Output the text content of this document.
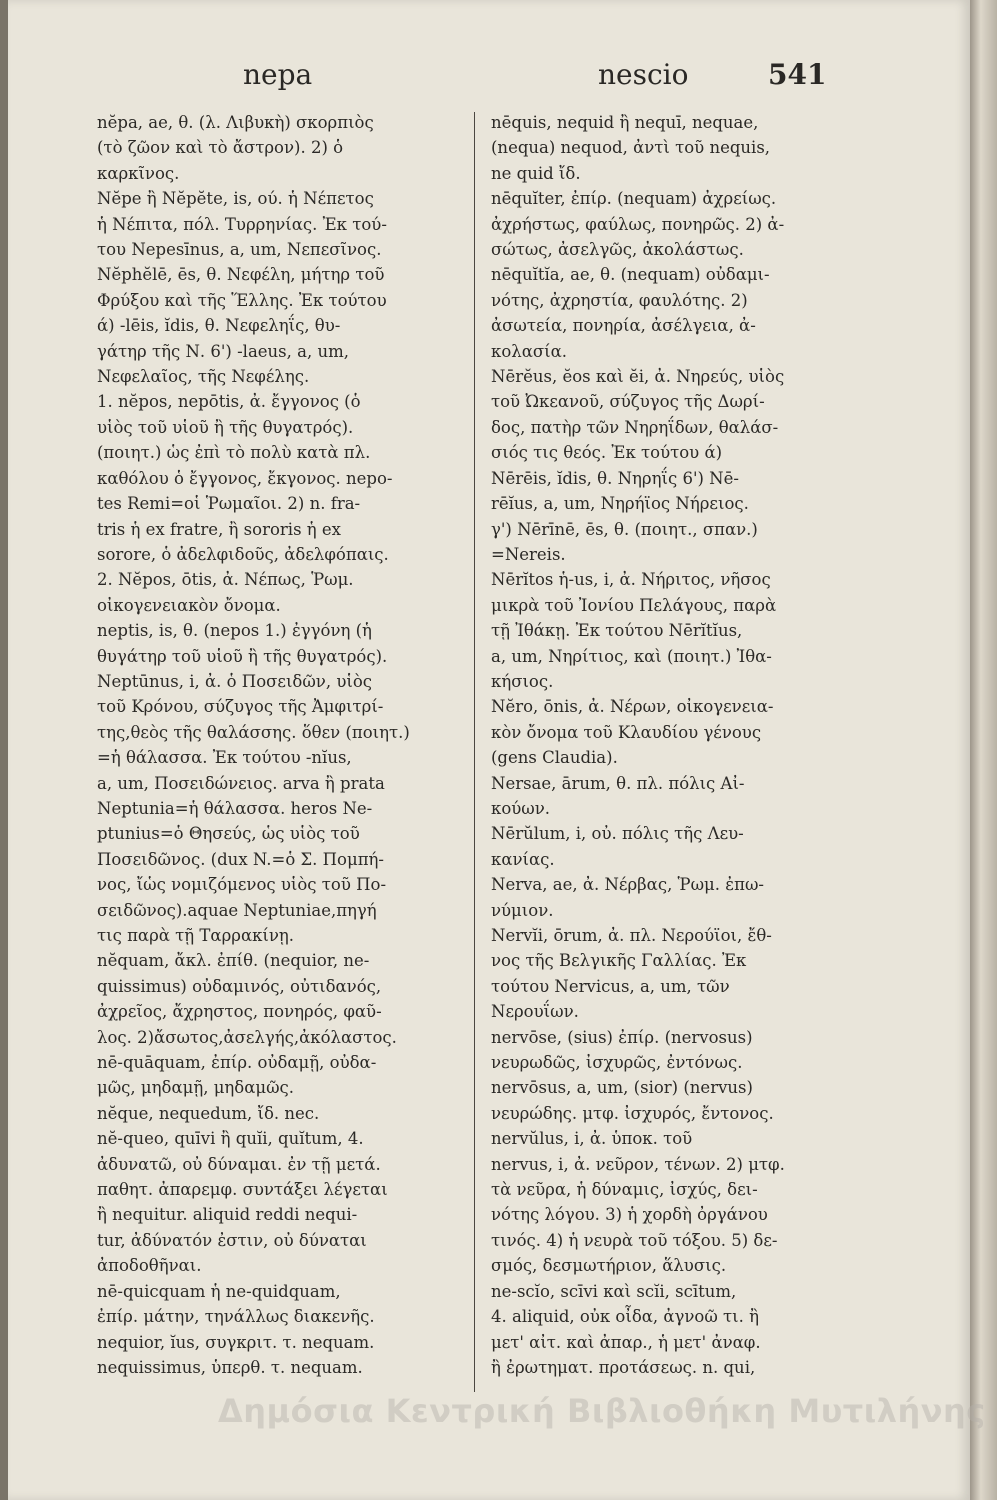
nepa	nescio	541
nĕpa, ae, θ. (λ. Λιβυκὴ) σκορπιὸς
(τὸ ζῶον καὶ τὸ ἄστρον). 2) ὁ
καρκῖνος.
Nĕpe ἢ Nĕpĕte, is, ού. ἡ Νέπετος
ἡ Νέπιτα, πόλ. Τυρρηνίας. Ἐκ τού-
του Nepesīnus, a, um, Νεπεσῖνος.
Nĕphĕlē, ēs, θ. Νεφέλη, μήτηρ τοῦ
Φρύξου καὶ τῆς Ἕλλης. Ἐκ τούτου
ά) -lēis, ĭdis, θ. Νεφεληΐς, θυ-
γάτηρ τῆς Ν. 6') -laeus, a, um,
Νεφελαῖος, τῆς Νεφέλης.
1. nĕpos, nepōtis, ἀ. ἔγγονος (ὁ
υἱὸς τοῦ υἱοῦ ἢ τῆς θυγατρός).
(ποιητ.) ὡς ἐπὶ τὸ πολὺ κατὰ πλ.
καθόλου ὁ ἔγγονος, ἔκγονος. nepo-
tes Remi=οἱ Ῥωμαῖοι. 2) n. fra-
tris ἡ ex fratre, ἢ sororis ἡ ex
sorore, ὁ ἀδελφιδοῦς, ἀδελφόπαις.
2. Nĕpos, ōtis, ἀ. Νέπως, Ῥωμ.
οἰκογενειακὸν ὄνομα.
neptis, is, θ. (nepos 1.) ἐγγόνη (ἡ
θυγάτηρ τοῦ υἱοῦ ἢ τῆς θυγατρός).
Neptūnus, i, ἀ. ὁ Ποσειδῶν, υἱὸς
τοῦ Κρόνου, σύζυγος τῆς Ἀμφιτρί-
της,θεὸς τῆς θαλάσσης. ὅθεν (ποιητ.)
=ἡ θάλασσα. Ἐκ τούτου -nĭus,
a, um, Ποσειδώνειος. arva ἢ prata
Neptunia=ἡ θάλασσα. heros Ne-
ptunius=ὁ Θησεύς, ὡς υἱὸς τοῦ
Ποσειδῶνος. (dux N.=ὁ Σ. Πομπή-
νος, ἴὡς νομιζόμενος υἱὸς τοῦ Πο-
σειδῶνος).aquae Neptuniae,πηγή
τις παρὰ τῇ Ταρρακίνῃ.
nĕquam, ἄκλ. ἐπίθ. (nequior, ne-
quissimus) οὐδαμινός, οὐτιδανός,
ἀχρεῖος, ἄχρηστος, πονηρός, φαῦ-
λος. 2)ἄσωτος,ἀσελγής,ἀκόλαστος.
nē-quāquam, ἐπίρ. οὐδαμῇ, οὐδα-
μῶς, μηδαμῇ, μηδαμῶς.
nĕque, nequedum, ἴδ. nec.
nĕ-queo, quīvi ἢ quĭi, quĭtum, 4.
ἀδυνατῶ, οὐ δύναμαι. ἐν τῇ μετά.
παθητ. ἀπαρεμφ. συντάξει λέγεται
ἢ nequitur. aliquid reddi nequi-
tur, ἀδύνατόν ἐστιν, οὐ δύναται
ἀποδοθῆναι.
nē-quicquam ἡ ne-quidquam,
ἐπίρ. μάτην, τηνάλλως διακενῆς.
nequior, ĭus, συγκριτ. τ. nequam.
nequissimus, ὑπερθ. τ. nequam.
nēquis, nequid ἢ nequī, nequae,
(nequa) nequod, ἀντὶ τοῦ nequis,
ne quid ἴδ.
nēquĭter, ἐπίρ. (nequam) ἀχρείως.
ἀχρήστως, φαύλως, πονηρῶς. 2) ἀ-
σώτως, ἀσελγῶς, ἀκολάστως.
nēquĭtĭa, ae, θ. (nequam) οὐδαμι-
νότης, ἀχρηστία, φαυλότης. 2)
ἀσωτεία, πονηρία, ἀσέλγεια, ἀ-
κολασία.
Nērĕus, ĕos καὶ ĕi, ἀ. Νηρεύς, υἱὸς
τοῦ Ὠκεανοῦ, σύζυγος τῆς Δωρί-
δος, πατὴρ τῶν Νηρηΐδων, θαλάσ-
σιός τις θεός. Ἐκ τούτου ά)
Nērēis, ĭdis, θ. Νηρηΐς 6') Nē-
rēĭus, a, um, Νηρήϊος Νήρειος.
γ') Nērīnē, ēs, θ. (ποιητ., σπαν.)
=Nereis.
Nērĭtos ἡ-us, i, ἀ. Νήριτος, νῆσος
μικρὰ τοῦ Ἰονίου Πελάγους, παρὰ
τῇ Ἰθάκῃ. Ἐκ τούτου Nērĭtĭus,
a, um, Νηρίτιος, καὶ (ποιητ.) Ἰθα-
κήσιος.
Nĕro, ōnis, ἀ. Νέρων, οἰκογενεια-
κὸν ὄνομα τοῦ Κλαυδίου γένους
(gens Claudia).
Nersae, ārum, θ. πλ. πόλις Αἰ-
κούων.
Nērŭlum, i, οὐ. πόλις τῆς Λευ-
κανίας.
Nerva, ae, ἀ. Νέρβας, Ῥωμ. ἐπω-
νύμιον.
Nervĭi, ōrum, ἀ. πλ. Νερούϊοι, ἔθ-
νος τῆς Βελγικῆς Γαλλίας. Ἐκ
τούτου Nervicus, a, um, τῶν
Νερουΐων.
nervōse, (sius) ἐπίρ. (nervosus)
νευρωδῶς, ἰσχυρῶς, ἐντόνως.
nervōsus, a, um, (sior) (nervus)
νευρώδης. μτφ. ἰσχυρός, ἔντονος.
nervŭlus, i, ἀ. ὑποκ. τοῦ
nervus, i, ἀ. νεῦρον, τένων. 2) μτφ.
τὰ νεῦρα, ἡ δύναμις, ἰσχύς, δει-
νότης λόγου. 3) ἡ χορδὴ ὀργάνου
τινός. 4) ἡ νευρὰ τοῦ τόξου. 5) δε-
σμός, δεσμωτήριον, ἅλυσις.
ne-scĭo, scīvi καὶ scĭi, scītum,
4. aliquid, οὐκ οἶδα, ἀγνοῶ τι. ἢ
μετ' αἰτ. καὶ ἀπαρ., ἡ μετ' ἀναφ.
ἢ ἐρωτηματ. προτάσεως. n. qui,
Δημόσια Κεντρική Βιβλιοθήκη Μυτιλήνης
